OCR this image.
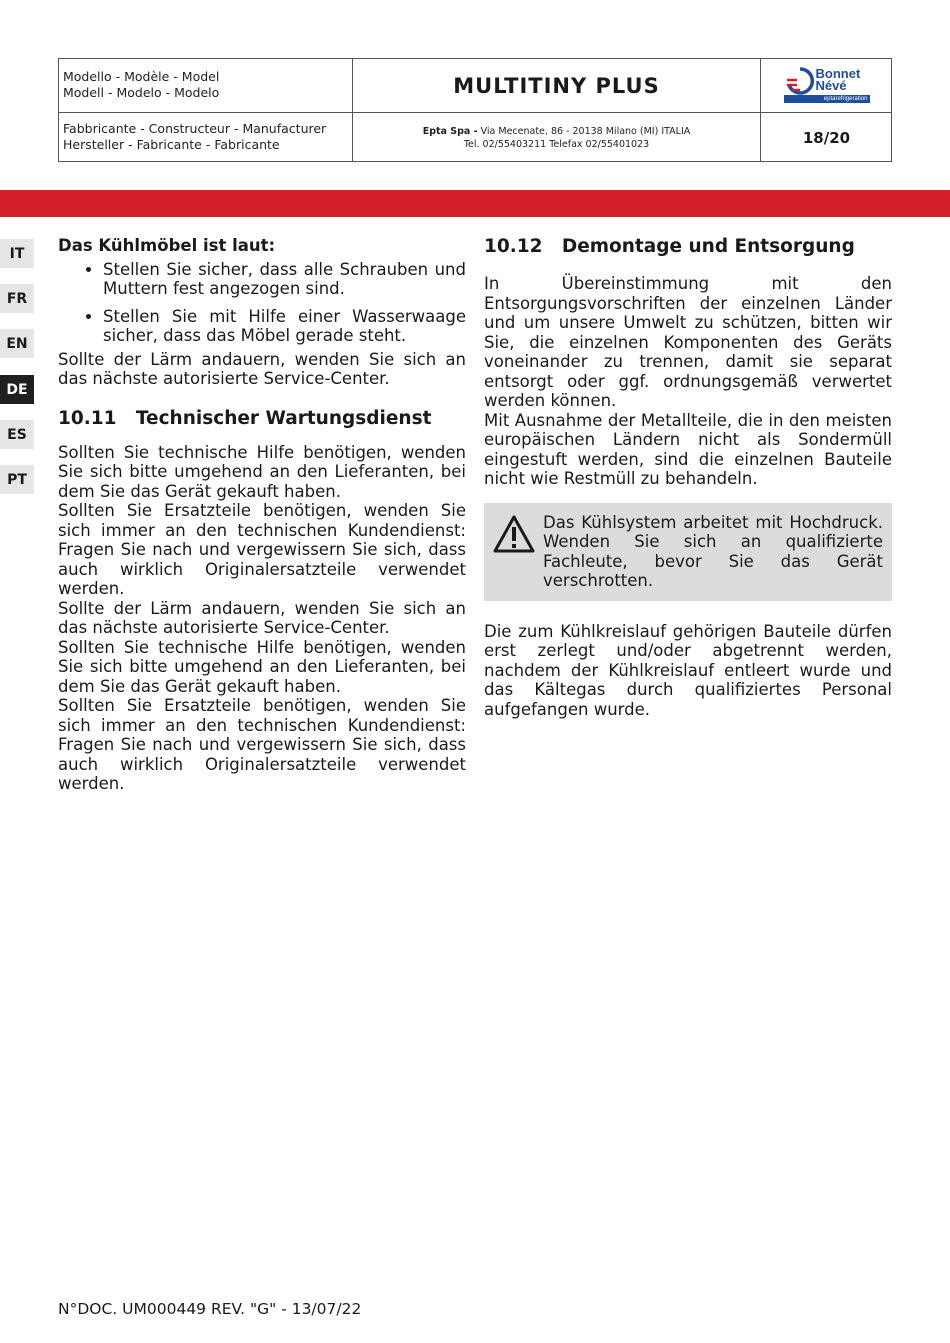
Modello - Modèle - Model
Modell - Modelo - Modelo	MULTITINY PLUS
Bonnet
Névé
eptarefrigeration
Fabbricante - Constructeur - Manufacturer
Hersteller - Fabricante - Fabricante
Epta Spa - Via Mecenate, 86 - 20138 Milano (MI) ITALIA
Tel. 02/55403211 Telefax 02/55401023	18/20
IT
FR
EN
DE
ES
PT

Das Kühlmöbel ist laut:

• Stellen Sie sicher, dass alle Schrauben und Muttern fest angezogen sind.
• Stellen Sie mit Hilfe einer Wasserwaage sicher, dass das Möbel gerade steht.

Sollte der Lärm andauern, wenden Sie sich an das nächste autorisierte Service-Center.

10.11 Technischer Wartungsdienst

Sollten Sie technische Hilfe benötigen, wenden Sie sich bitte umgehend an den Lieferanten, bei dem Sie das Gerät gekauft haben.

Sollten Sie Ersatzteile benötigen, wenden Sie sich immer an den technischen Kundendienst: Fragen Sie nach und vergewissern Sie sich, dass auch wirklich Originalersatzteile verwendet werden.

Sollte der Lärm andauern, wenden Sie sich an das nächste autorisierte Service-Center.

Sollten Sie technische Hilfe benötigen, wenden Sie sich bitte umgehend an den Lieferanten, bei dem Sie das Gerät gekauft haben.

Sollten Sie Ersatzteile benötigen, wenden Sie sich immer an den technischen Kundendienst: Fragen Sie nach und vergewissern Sie sich, dass auch wirklich Originalersatzteile verwendet werden.

10.12 Demontage und Entsorgung

In Übereinstimmung mit den Entsorgungsvorschriften der einzelnen Länder und um unsere Umwelt zu schützen, bitten wir Sie, die einzelnen Komponenten des Geräts voneinander zu trennen, damit sie separat entsorgt oder ggf. ordnungsgemäß verwertet werden können.

Mit Ausnahme der Metallteile, die in den meisten europäischen Ländern nicht als Sondermüll eingestuft werden, sind die einzelnen Bauteile nicht wie Restmüll zu behandeln.

Das Kühlsystem arbeitet mit Hochdruck. Wenden Sie sich an qualifizierte Fachleute, bevor Sie das Gerät verschrotten.

Die zum Kühlkreislauf gehörigen Bauteile dürfen erst zerlegt und/oder abgetrennt werden, nachdem der Kühlkreislauf entleert wurde und das Kältegas durch qualifiziertes Personal aufgefangen wurde.

N°DOC. UM000449 REV. "G" - 13/07/22
